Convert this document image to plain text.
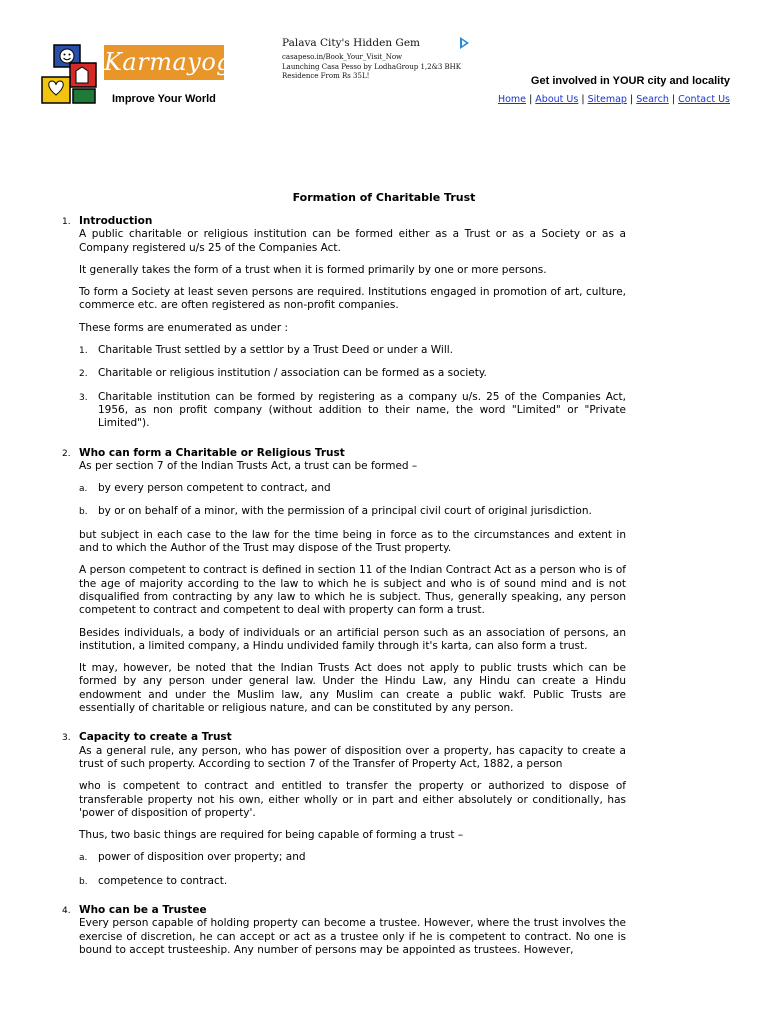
Karmayog
Improve Your World
Palava City's Hidden Gem
casapeso.in/Book_Your_Visit_Now
Launching Casa Pesso by LodhaGroup 1,2&3 BHK Residence From Rs 35L!	Get involved in YOUR city and locality
Home | About Us | Sitemap | Search | Contact Us
Formation of Charitable Trust
1. Introduction

A public charitable or religious institution can be formed either as a Trust or as a Society or as a Company registered u/s 25 of the Companies Act.

It generally takes the form of a trust when it is formed primarily by one or more persons.

To form a Society at least seven persons are required. Institutions engaged in promotion of art, culture, commerce etc. are often registered as non-profit companies.

These forms are enumerated as under :

1. Charitable Trust settled by a settlor by a Trust Deed or under a Will.
2. Charitable or religious institution / association can be formed as a society.
3. Charitable institution can be formed by registering as a company u/s. 25 of the Companies Act, 1956, as non profit company (without addition to their name, the word "Limited" or "Private Limited").
2. Who can form a Charitable or Religious Trust

As per section 7 of the Indian Trusts Act, a trust can be formed –

a. by every person competent to contract, and
b. by or on behalf of a minor, with the permission of a principal civil court of original jurisdiction.

but subject in each case to the law for the time being in force as to the circumstances and extent in and to which the Author of the Trust may dispose of the Trust property.

A person competent to contract is defined in section 11 of the Indian Contract Act as a person who is of the age of majority according to the law to which he is subject and who is of sound mind and is not disqualified from contracting by any law to which he is subject. Thus, generally speaking, any person competent to contract and competent to deal with property can form a trust.

Besides individuals, a body of individuals or an artificial person such as an association of persons, an institution, a limited company, a Hindu undivided family through it's karta, can also form a trust.

It may, however, be noted that the Indian Trusts Act does not apply to public trusts which can be formed by any person under general law. Under the Hindu Law, any Hindu can create a Hindu endowment and under the Muslim law, any Muslim can create a public wakf. Public Trusts are essentially of charitable or religious nature, and can be constituted by any person.

3. Capacity to create a Trust

As a general rule, any person, who has power of disposition over a property, has capacity to create a trust of such property. According to section 7 of the Transfer of Property Act, 1882, a person

who is competent to contract and entitled to transfer the property or authorized to dispose of transferable property not his own, either wholly or in part and either absolutely or conditionally, has 'power of disposition of property'.

Thus, two basic things are required for being capable of forming a trust –

a. power of disposition over property; and
b. competence to contract.
4. Who can be a Trustee

Every person capable of holding property can become a trustee. However, where the trust involves the exercise of discretion, he can accept or act as a trustee only if he is competent to contract. No one is bound to accept trusteeship. Any number of persons may be appointed as trustees. However,
